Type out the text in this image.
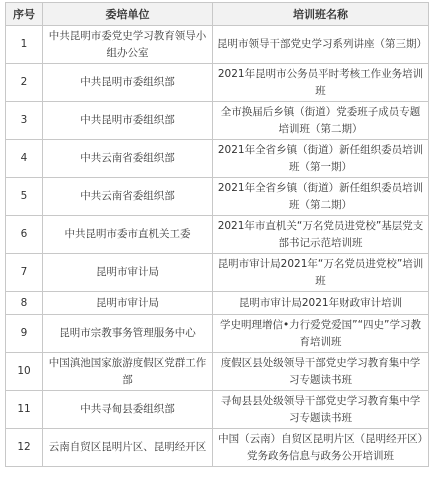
序号	委培单位	培训班名称
1	中共昆明市委党史学习教育领导小组办公室	昆明市领导干部党史学习系列讲座（第三期）
2	中共昆明市委组织部	2021年昆明市公务员平时考核工作业务培训班
3	中共昆明市委组织部	全市换届后乡镇（街道）党委班子成员专题培训班（第二期）
4	中共云南省委组织部	2021年全省乡镇（街道）新任组织委员培训班（第一期）
5	中共云南省委组织部	2021年全省乡镇（街道）新任组织委员培训班（第二期）
6	中共昆明市委市直机关工委	2021年市直机关“万名党员进党校”基层党支部书记示范培训班
7	昆明市审计局	昆明市审计局2021年“万名党员进党校”培训班
8	昆明市审计局	昆明市审计局2021年财政审计培训
9	昆明市宗教事务管理服务中心	学史明理增信•力行爱党爱国”“四史”学习教育培训班
10	中国滇池国家旅游度假区党群工作部	度假区县处级领导干部党史学习教育集中学习专题读书班
11	中共寻甸县委组织部	寻甸县县处级领导干部党史学习教育集中学习专题读书班
12	云南自贸区昆明片区、昆明经开区	中国（云南）自贸区昆明片区（昆明经开区）党务政务信息与政务公开培训班
